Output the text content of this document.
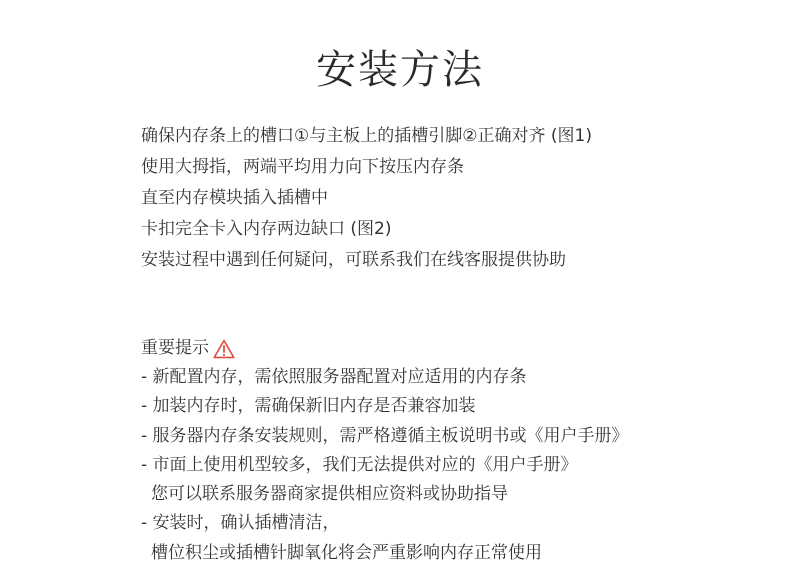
安装方法
确保内存条上的槽口①与主板上的插槽引脚②正确对齐 (图1)
使用大拇指，两端平均用力向下按压内存条
直至内存模块插入插槽中
卡扣完全卡入内存两边缺口 (图2)
安装过程中遇到任何疑问，可联系我们在线客服提供协助
重要提示
- 新配置内存，需依照服务器配置对应适用的内存条
- 加装内存时，需确保新旧内存是否兼容加装
- 服务器内存条安装规则，需严格遵循主板说明书或《用户手册》
- 市面上使用机型较多，我们无法提供对应的《用户手册》
您可以联系服务器商家提供相应资料或协助指导
- 安装时，确认插槽清洁，
槽位积尘或插槽针脚氧化将会严重影响内存正常使用
